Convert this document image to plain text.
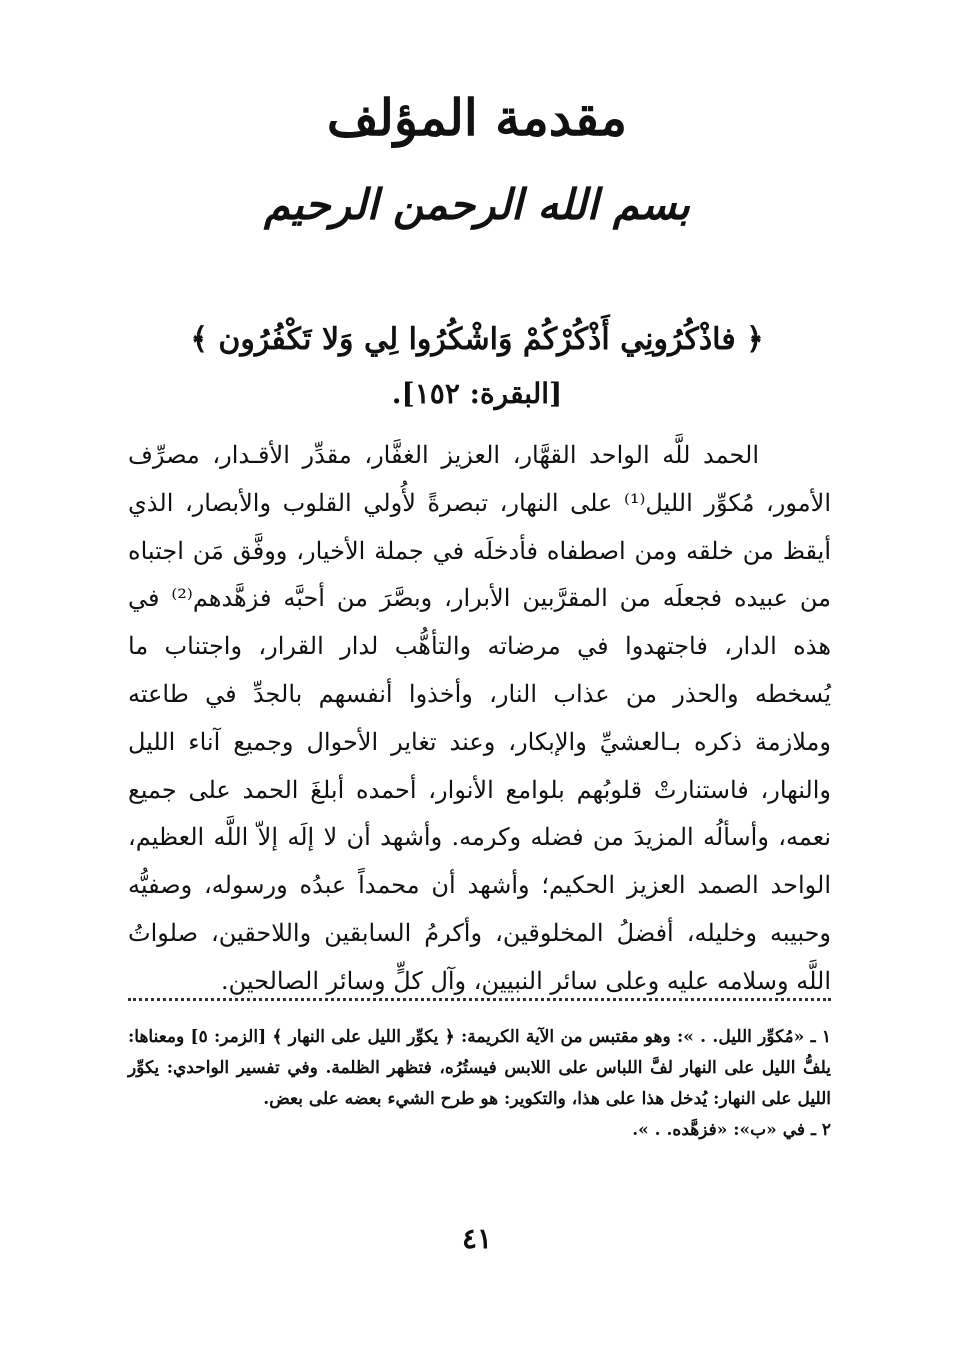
مقدمة المؤلف
بسم الله الرحمن الرحيم
﴿ فاذْكُرُونِي أَذْكُرْكُمْ وَاشْكُرُوا لِي وَلا تَكْفُرُون ﴾
[البقرة: ١٥٢].
الحمد للَّه الواحد القهَّار، العزيز الغفَّار، مقدِّر الأقـدار، مصرِّف الأمور، مُكوِّر الليل⁽¹⁾ على النهار، تبصرةً لأُولي القلوب والأبصار، الذي أيقظ من خلقه ومن اصطفاه فأدخلَه في جملة الأخيار، ووفَّق مَن اجتباه من عبيده فجعلَه من المقرَّبين الأبرار، وبصَّرَ من أحبَّه فزهَّدهم⁽²⁾ في هذه الدار، فاجتهدوا في مرضاته والتأهُّب لدار القرار، واجتناب ما يُسخطه والحذر من عذاب النار، وأخذوا أنفسهم بالجدِّ في طاعته وملازمة ذكره بـالعشيِّ والإبكار، وعند تغاير الأحوال وجميع آناء الليل والنهار، فاستنارتْ قلوبُهم بلوامع الأنوار، أحمده أبلغَ الحمد على جميع نعمه، وأسألُه المزيدَ من فضله وكرمه. وأشهد أن لا إلَه إلاّ اللَّه العظيم، الواحد الصمد العزيز الحكيم؛ وأشهد أن محمداً عبدُه ورسوله، وصفيُّه وحبيبه وخليله، أفضلُ المخلوقين، وأكرمُ السابقين واللاحقين، صلواتُ اللَّه وسلامه عليه وعلى سائر النبيين، وآل كلٍّ وسائر الصالحين.

١ ـ «مُكوِّر الليل. . »: وهو مقتبس من الآية الكريمة: ﴿ يكوِّر الليل على النهار ﴾ [الزمر: ٥] ومعناها: يلفُّ الليل على النهار لفَّ اللباس على اللابس فيستُرُه، فتظهر الظلمة. وفي تفسير الواحدي: يكوِّر الليل على النهار: يُدخل هذا على هذا، والتكوير: هو طرح الشيء بعضه على بعض.

٢ ـ في «ب»: «فزهَّده. . ».

٤١
